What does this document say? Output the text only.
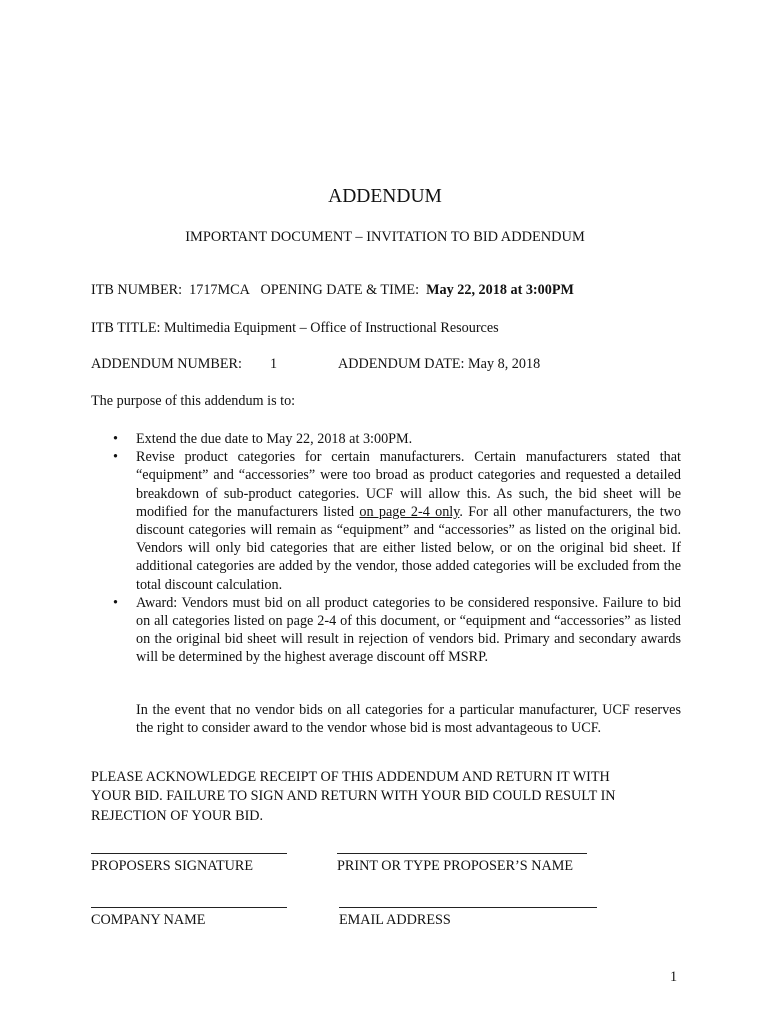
ADDENDUM
IMPORTANT DOCUMENT – INVITATION TO BID ADDENDUM
ITB NUMBER: 1717MCA OPENING DATE & TIME: May 22, 2018 at 3:00PM
ITB TITLE: Multimedia Equipment – Office of Instructional Resources
ADDENDUM NUMBER: 1	ADDENDUM DATE: May 8, 2018
The purpose of this addendum is to:
• Extend the due date to May 22, 2018 at 3:00PM.
• Revise product categories for certain manufacturers. Certain manufacturers stated that “equipment” and “accessories” were too broad as product categories and requested a detailed breakdown of sub-product categories. UCF will allow this. As such, the bid sheet will be modified for the manufacturers listed on page 2-4 only. For all other manufacturers, the two discount categories will remain as “equipment” and “accessories” as listed on the original bid. Vendors will only bid categories that are either listed below, or on the original bid sheet. If additional categories are added by the vendor, those added categories will be excluded from the total discount calculation.
• Award: Vendors must bid on all product categories to be considered responsive. Failure to bid on all categories listed on page 2-4 of this document, or “equipment and “accessories” as listed on the original bid sheet will result in rejection of vendors bid. Primary and secondary awards will be determined by the highest average discount off MSRP.
In the event that no vendor bids on all categories for a particular manufacturer, UCF reserves the right to consider award to the vendor whose bid is most advantageous to UCF.
PLEASE ACKNOWLEDGE RECEIPT OF THIS ADDENDUM AND RETURN IT WITH
YOUR BID. FAILURE TO SIGN AND RETURN WITH YOUR BID COULD RESULT IN
REJECTION OF YOUR BID.
PROPOSERS SIGNATURE	PRINT OR TYPE PROPOSER’S NAME
COMPANY NAME	EMAIL ADDRESS
1
